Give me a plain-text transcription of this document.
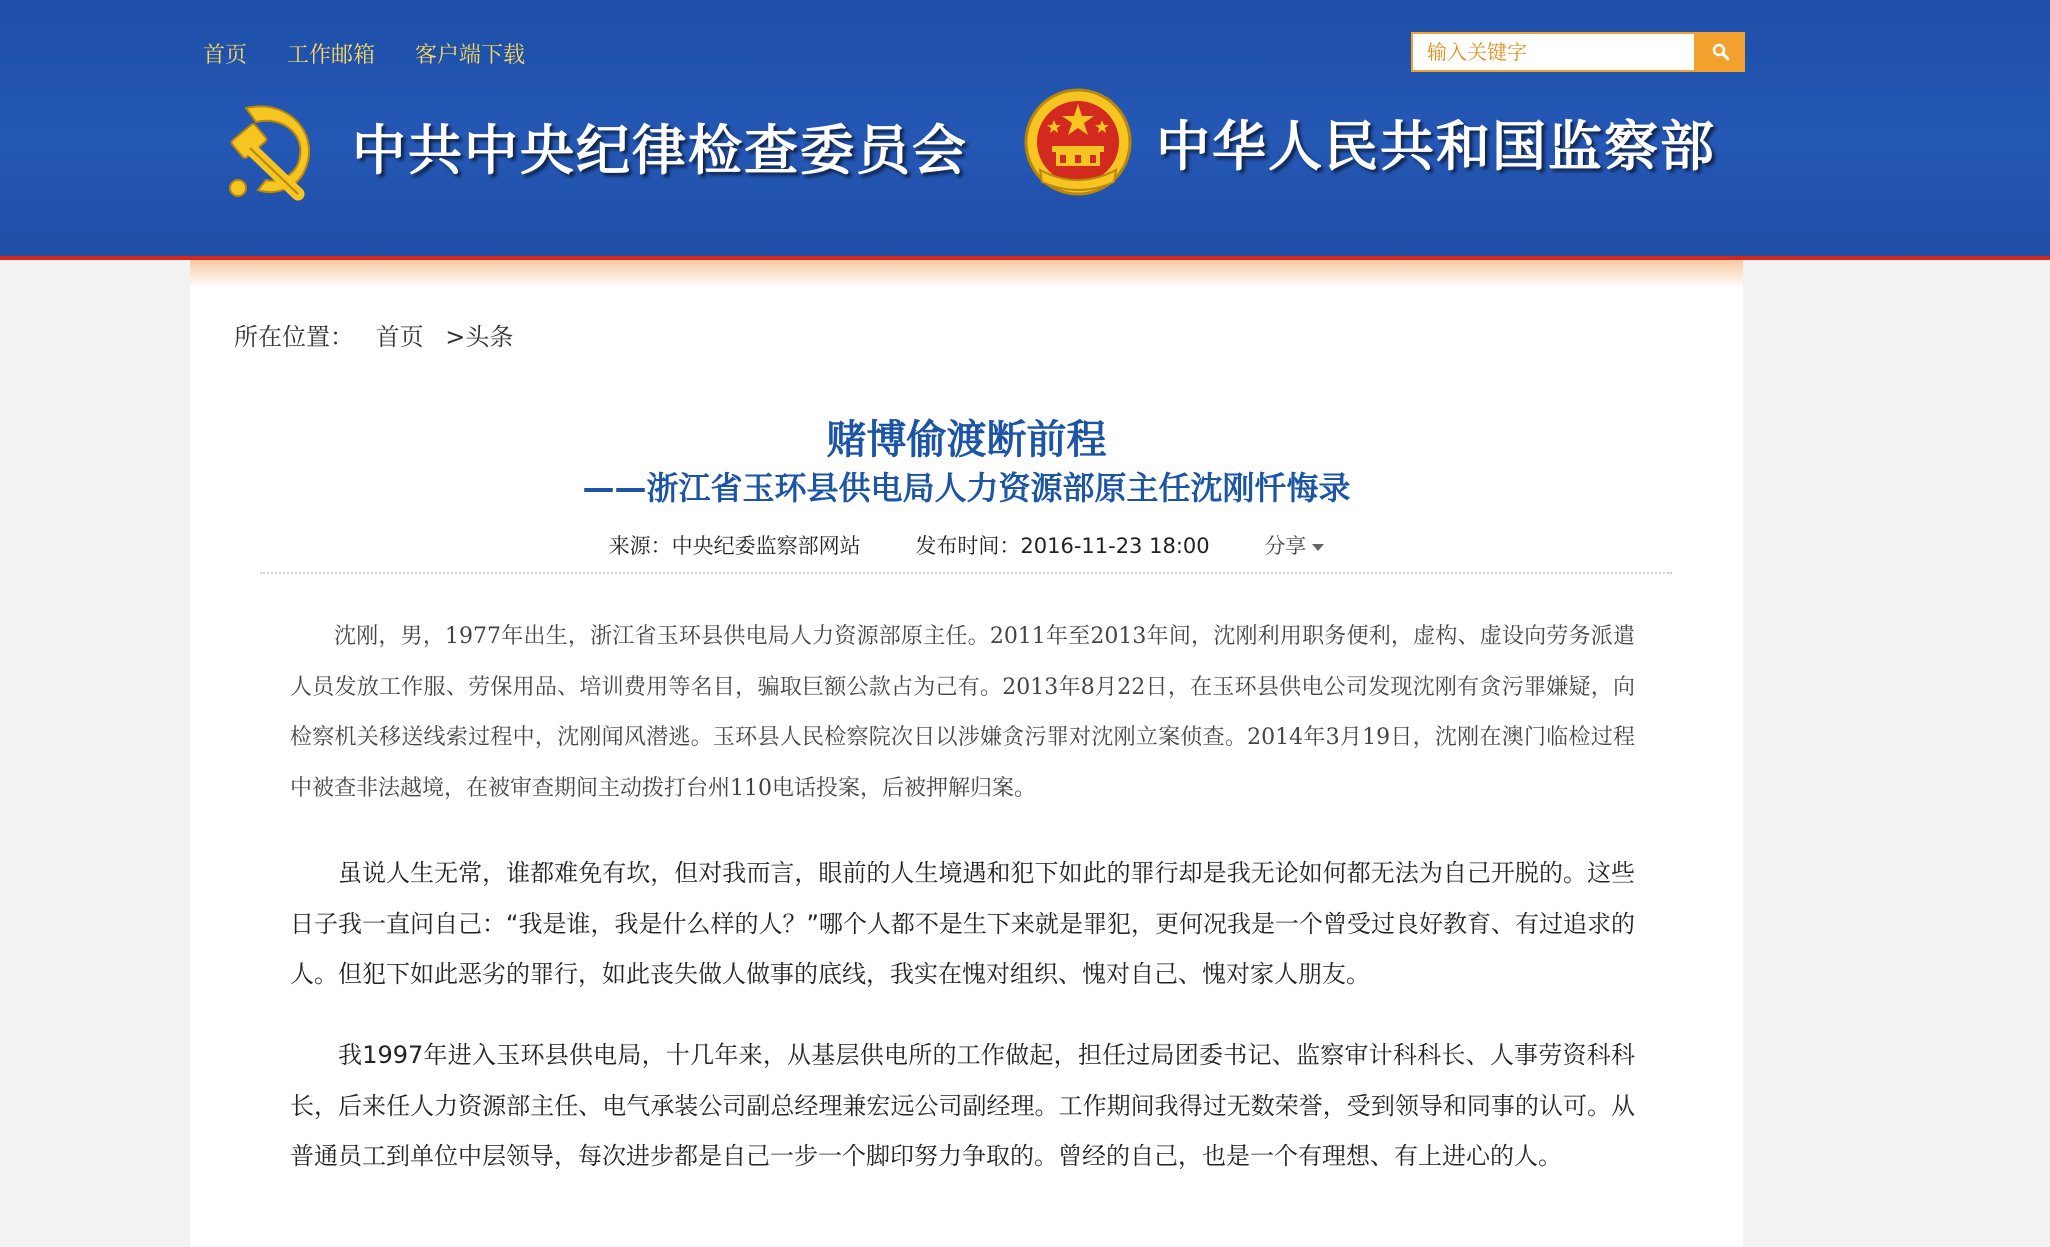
首页 工作邮箱 客户端下载
输入关键字
中共中央纪律检查委员会	中华人民共和国监察部
所在位置： 首页 >头条
赌博偷渡断前程
——浙江省玉环县供电局人力资源部原主任沈刚忏悔录
来源：中央纪委监察部网站	发布时间：2016-11-23 18:00	分享

沈刚，男，1977年出生，浙江省玉环县供电局人力资源部原主任。2011年至2013年间，沈刚利用职务便利，虚构、虚设向劳务派遣人员发放工作服、劳保用品、培训费用等名目，骗取巨额公款占为己有。2013年8月22日，在玉环县供电公司发现沈刚有贪污罪嫌疑，向检察机关移送线索过程中，沈刚闻风潜逃。玉环县人民检察院次日以涉嫌贪污罪对沈刚立案侦查。2014年3月19日，沈刚在澳门临检过程中被查非法越境，在被审查期间主动拨打台州110电话投案，后被押解归案。

虽说人生无常，谁都难免有坎，但对我而言，眼前的人生境遇和犯下如此的罪行却是我无论如何都无法为自己开脱的。这些日子我一直问自己：“我是谁，我是什么样的人？”哪个人都不是生下来就是罪犯，更何况我是一个曾受过良好教育、有过追求的人。但犯下如此恶劣的罪行，如此丧失做人做事的底线，我实在愧对组织、愧对自己、愧对家人朋友。

我1997年进入玉环县供电局，十几年来，从基层供电所的工作做起，担任过局团委书记、监察审计科科长、人事劳资科科长，后来任人力资源部主任、电气承装公司副总经理兼宏远公司副经理。工作期间我得过无数荣誉，受到领导和同事的认可。从普通员工到单位中层领导，每次进步都是自己一步一个脚印努力争取的。曾经的自己，也是一个有理想、有上进心的人。
